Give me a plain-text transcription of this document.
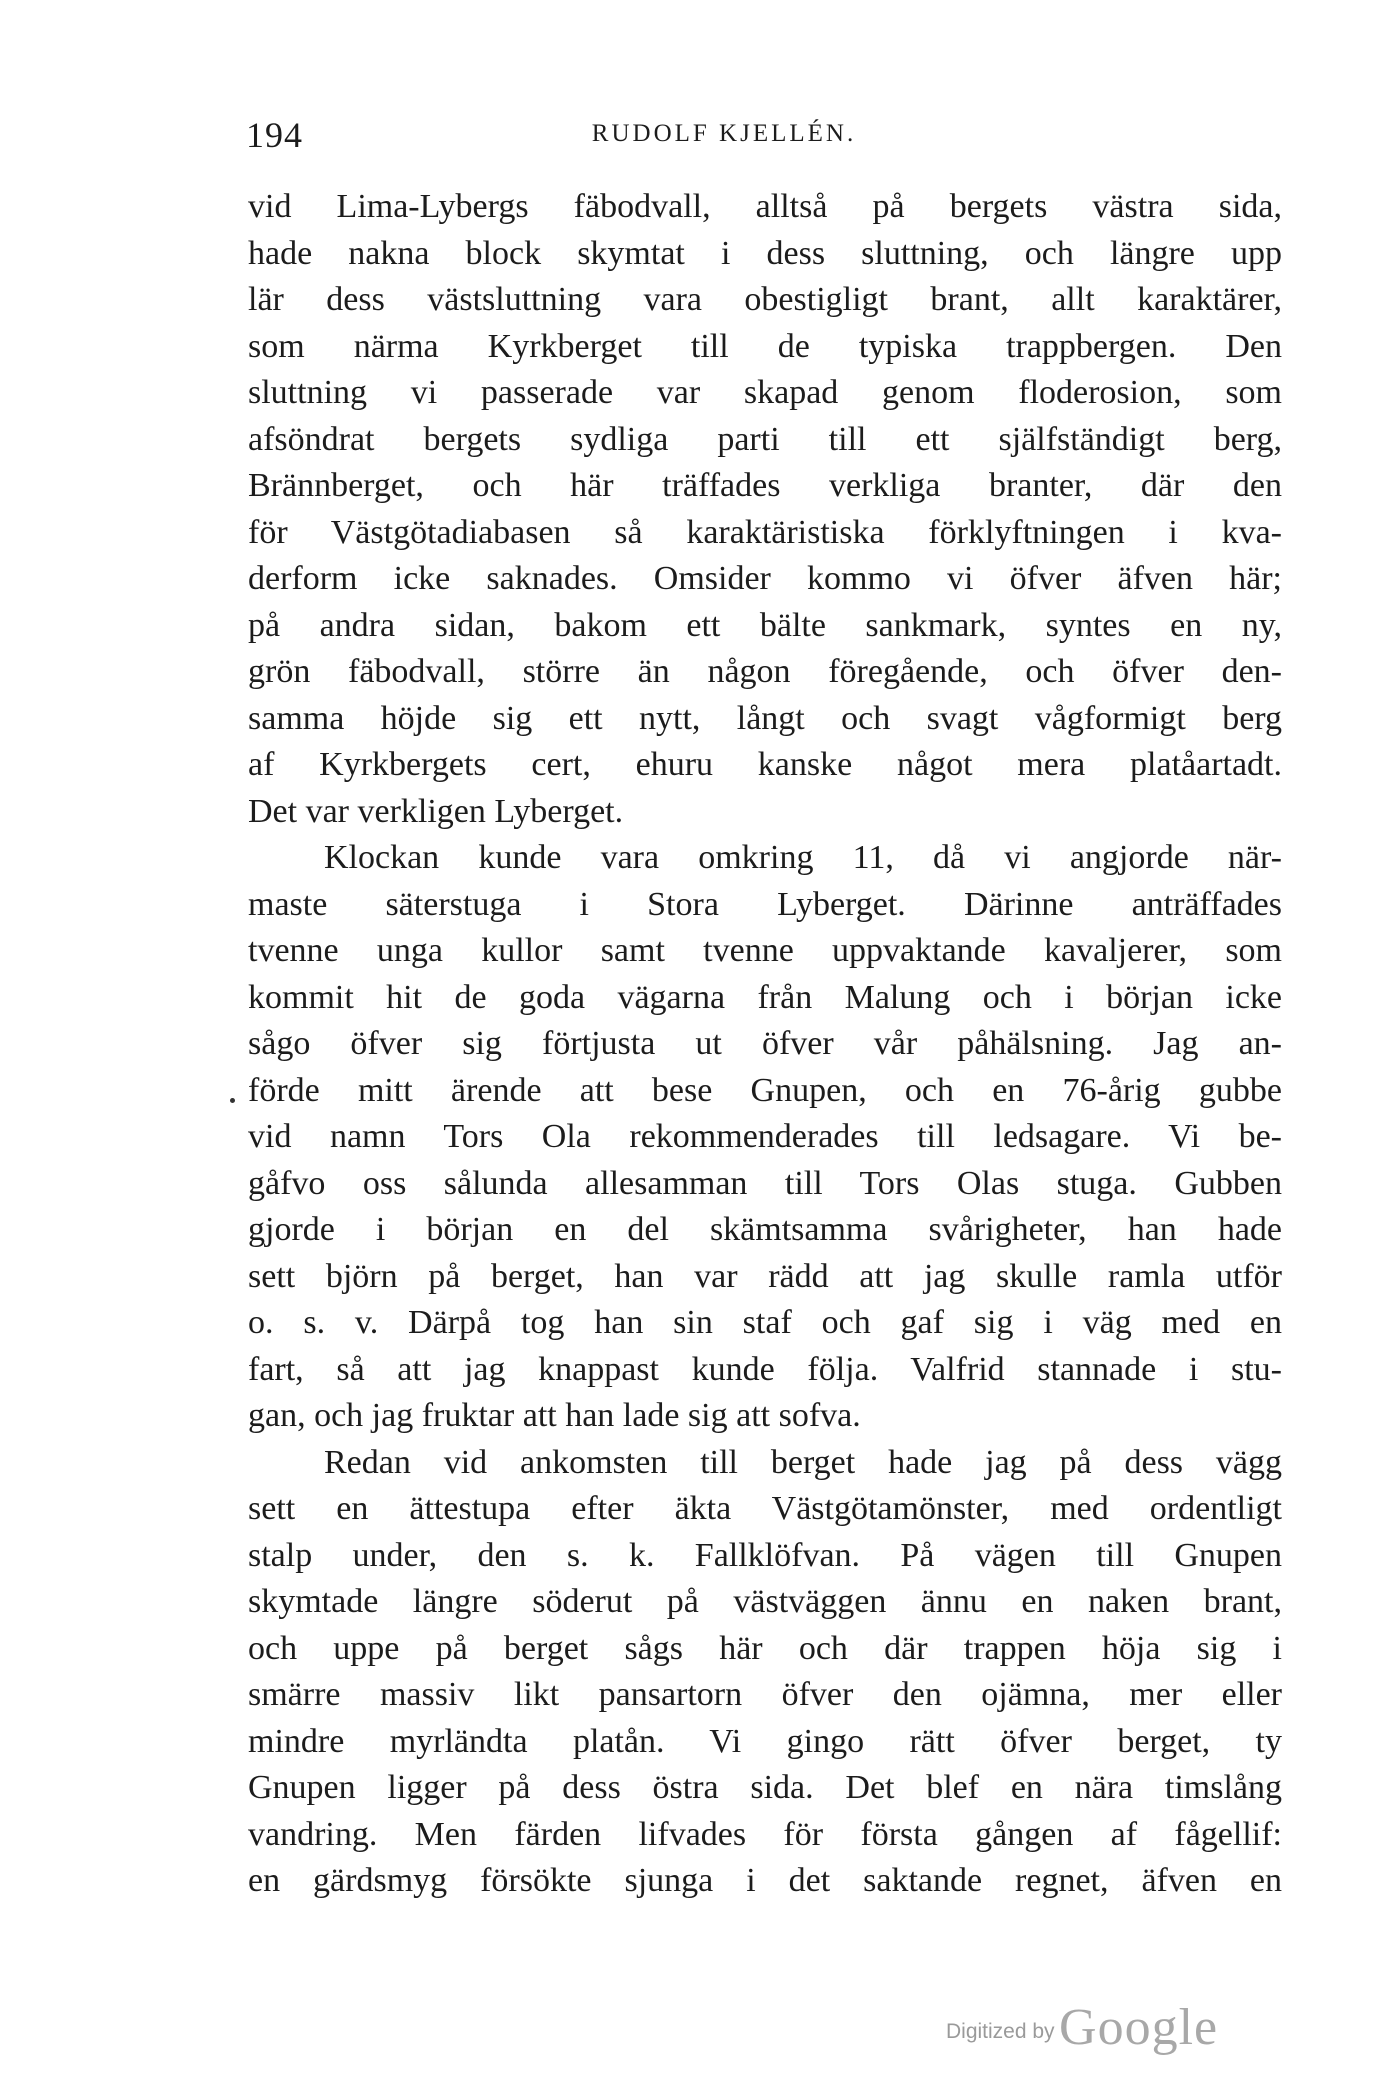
194	RUDOLF KJELLÉN.
vid Lima-Lybergs fäbodvall, alltså på bergets västra sida,
hade nakna block skymtat i dess sluttning, och längre upp
lär dess västsluttning vara obestigligt brant, allt karaktärer,
som närma Kyrkberget till de typiska trappbergen. Den
sluttning vi passerade var skapad genom floderosion, som
afsöndrat bergets sydliga parti till ett själfständigt berg,
Brännberget, och här träffades verkliga branter, där den
för Västgötadiabasen så karaktäristiska förklyftningen i kva-
derform icke saknades. Omsider kommo vi öfver äfven här;
på andra sidan, bakom ett bälte sankmark, syntes en ny,
grön fäbodvall, större än någon föregående, och öfver den-
samma höjde sig ett nytt, långt och svagt vågformigt berg
af Kyrkbergets cert, ehuru kanske något mera platåartadt.
Det var verkligen Lyberget.
Klockan kunde vara omkring 11, då vi angjorde när-
maste säterstuga i Stora Lyberget. Därinne anträffades
tvenne unga kullor samt tvenne uppvaktande kavaljerer, som
kommit hit de goda vägarna från Malung och i början icke
sågo öfver sig förtjusta ut öfver vår påhälsning. Jag an-
förde mitt ärende att bese Gnupen, och en 76-årig gubbe
vid namn Tors Ola rekommenderades till ledsagare. Vi be-
gåfvo oss sålunda allesamman till Tors Olas stuga. Gubben
gjorde i början en del skämtsamma svårigheter, han hade
sett björn på berget, han var rädd att jag skulle ramla utför
o. s. v. Därpå tog han sin staf och gaf sig i väg med en
fart, så att jag knappast kunde följa. Valfrid stannade i stu-
gan, och jag fruktar att han lade sig att sofva.
Redan vid ankomsten till berget hade jag på dess vägg
sett en ättestupa efter äkta Västgötamönster, med ordentligt
stalp under, den s. k. Fallklöfvan. På vägen till Gnupen
skymtade längre söderut på västväggen ännu en naken brant,
och uppe på berget sågs här och där trappen höja sig i
smärre massiv likt pansartorn öfver den ojämna, mer eller
mindre myrländta platån. Vi gingo rätt öfver berget, ty
Gnupen ligger på dess östra sida. Det blef en nära timslång
vandring. Men färden lifvades för första gången af fågellif:
en gärdsmyg försökte sjunga i det saktande regnet, äfven en
Digitized by Google
